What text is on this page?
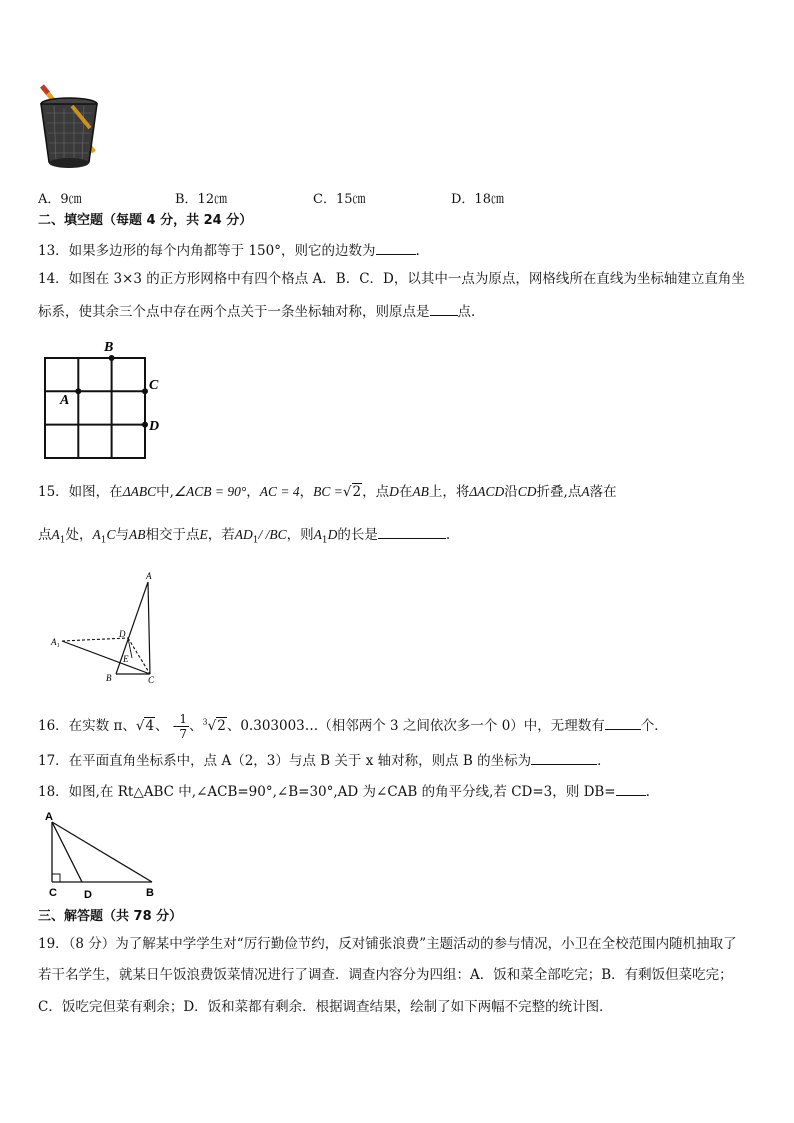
A．9㎝	B．12㎝	C．15㎝	D．18㎝
二、填空题（每题 4 分，共 24 分）
13．如果多边形的每个内角都等于 150°，则它的边数为	.
14．如图在 3×3 的正方形网格中有四个格点 A．B．C．D，以其中一点为原点，网格线所在直线为坐标轴建立直角坐
标系，使其余三个点中存在两个点关于一条坐标轴对称，则原点是 点.
B
A
C
D
15．如图，在ΔABC中,∠ACB = 90°，AC = 4，BC =√2，点D在AB上，将ΔACD沿CD折叠,点A落在
点$A_1$处，$A_1C$与AB相交于点E，若$AD_1/$ /BC，则$A_1D$的长是	.
A
A₁
D
E
B	C
16．在实数 π、√4、 - $\frac{1}{7}$ 、$^3$√2、0.303003…（相邻两个 3 之间依次多一个 0）中，无理数有	个．
17．在平面直角坐标系中，点 A（2，3）与点 B 关于 x 轴对称，则点 B 的坐标为	．
18．如图,在 Rt△ABC 中,∠ACB=90°,∠B=30°,AD 为∠CAB 的角平分线,若 CD=3，则 DB= .
A
C D	B
三、解答题（共 78 分）
19．（8 分）为了解某中学学生对“厉行勤俭节约，反对铺张浪费”主题活动的参与情况，小卫在全校范围内随机抽取了
若干名学生，就某日午饭浪费饭菜情况进行了调查．调查内容分为四组：A．饭和菜全部吃完；B．有剩饭但菜吃完；
C．饭吃完但菜有剩余；D．饭和菜都有剩余．根据调查结果，绘制了如下两幅不完整的统计图．
